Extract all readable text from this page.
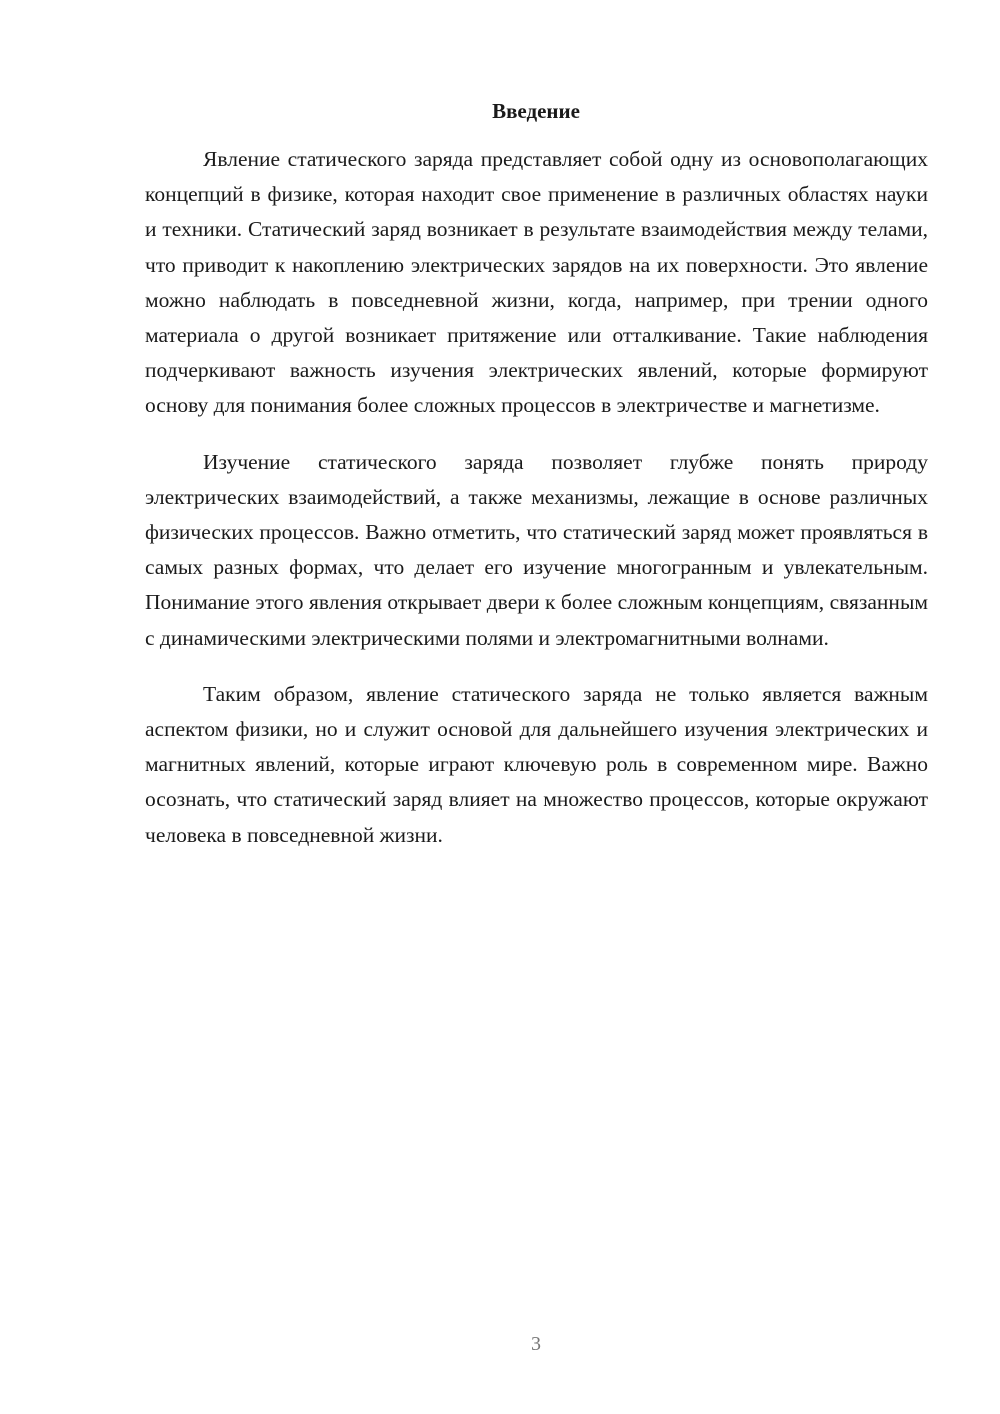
Введение

Явление статического заряда представляет собой одну из основополагающих концепций в физике, которая находит свое применение в различных областях науки и техники. Статический заряд возникает в результате взаимодействия между телами, что приводит к накоплению электрических зарядов на их поверхности. Это явление можно наблюдать в повседневной жизни, когда, например, при трении одного материала о другой возникает притяжение или отталкивание. Такие наблюдения подчеркивают важность изучения электрических явлений, которые формируют основу для понимания более сложных процессов в электричестве и магнетизме.

Изучение статического заряда позволяет глубже понять природу электрических взаимодействий, а также механизмы, лежащие в основе различных физических процессов. Важно отметить, что статический заряд может проявляться в самых разных формах, что делает его изучение многогранным и увлекательным. Понимание этого явления открывает двери к более сложным концепциям, связанным с динамическими электрическими полями и электромагнитными волнами.

Таким образом, явление статического заряда не только является важным аспектом физики, но и служит основой для дальнейшего изучения электрических и магнитных явлений, которые играют ключевую роль в современном мире. Важно осознать, что статический заряд влияет на множество процессов, которые окружают человека в повседневной жизни.

3
